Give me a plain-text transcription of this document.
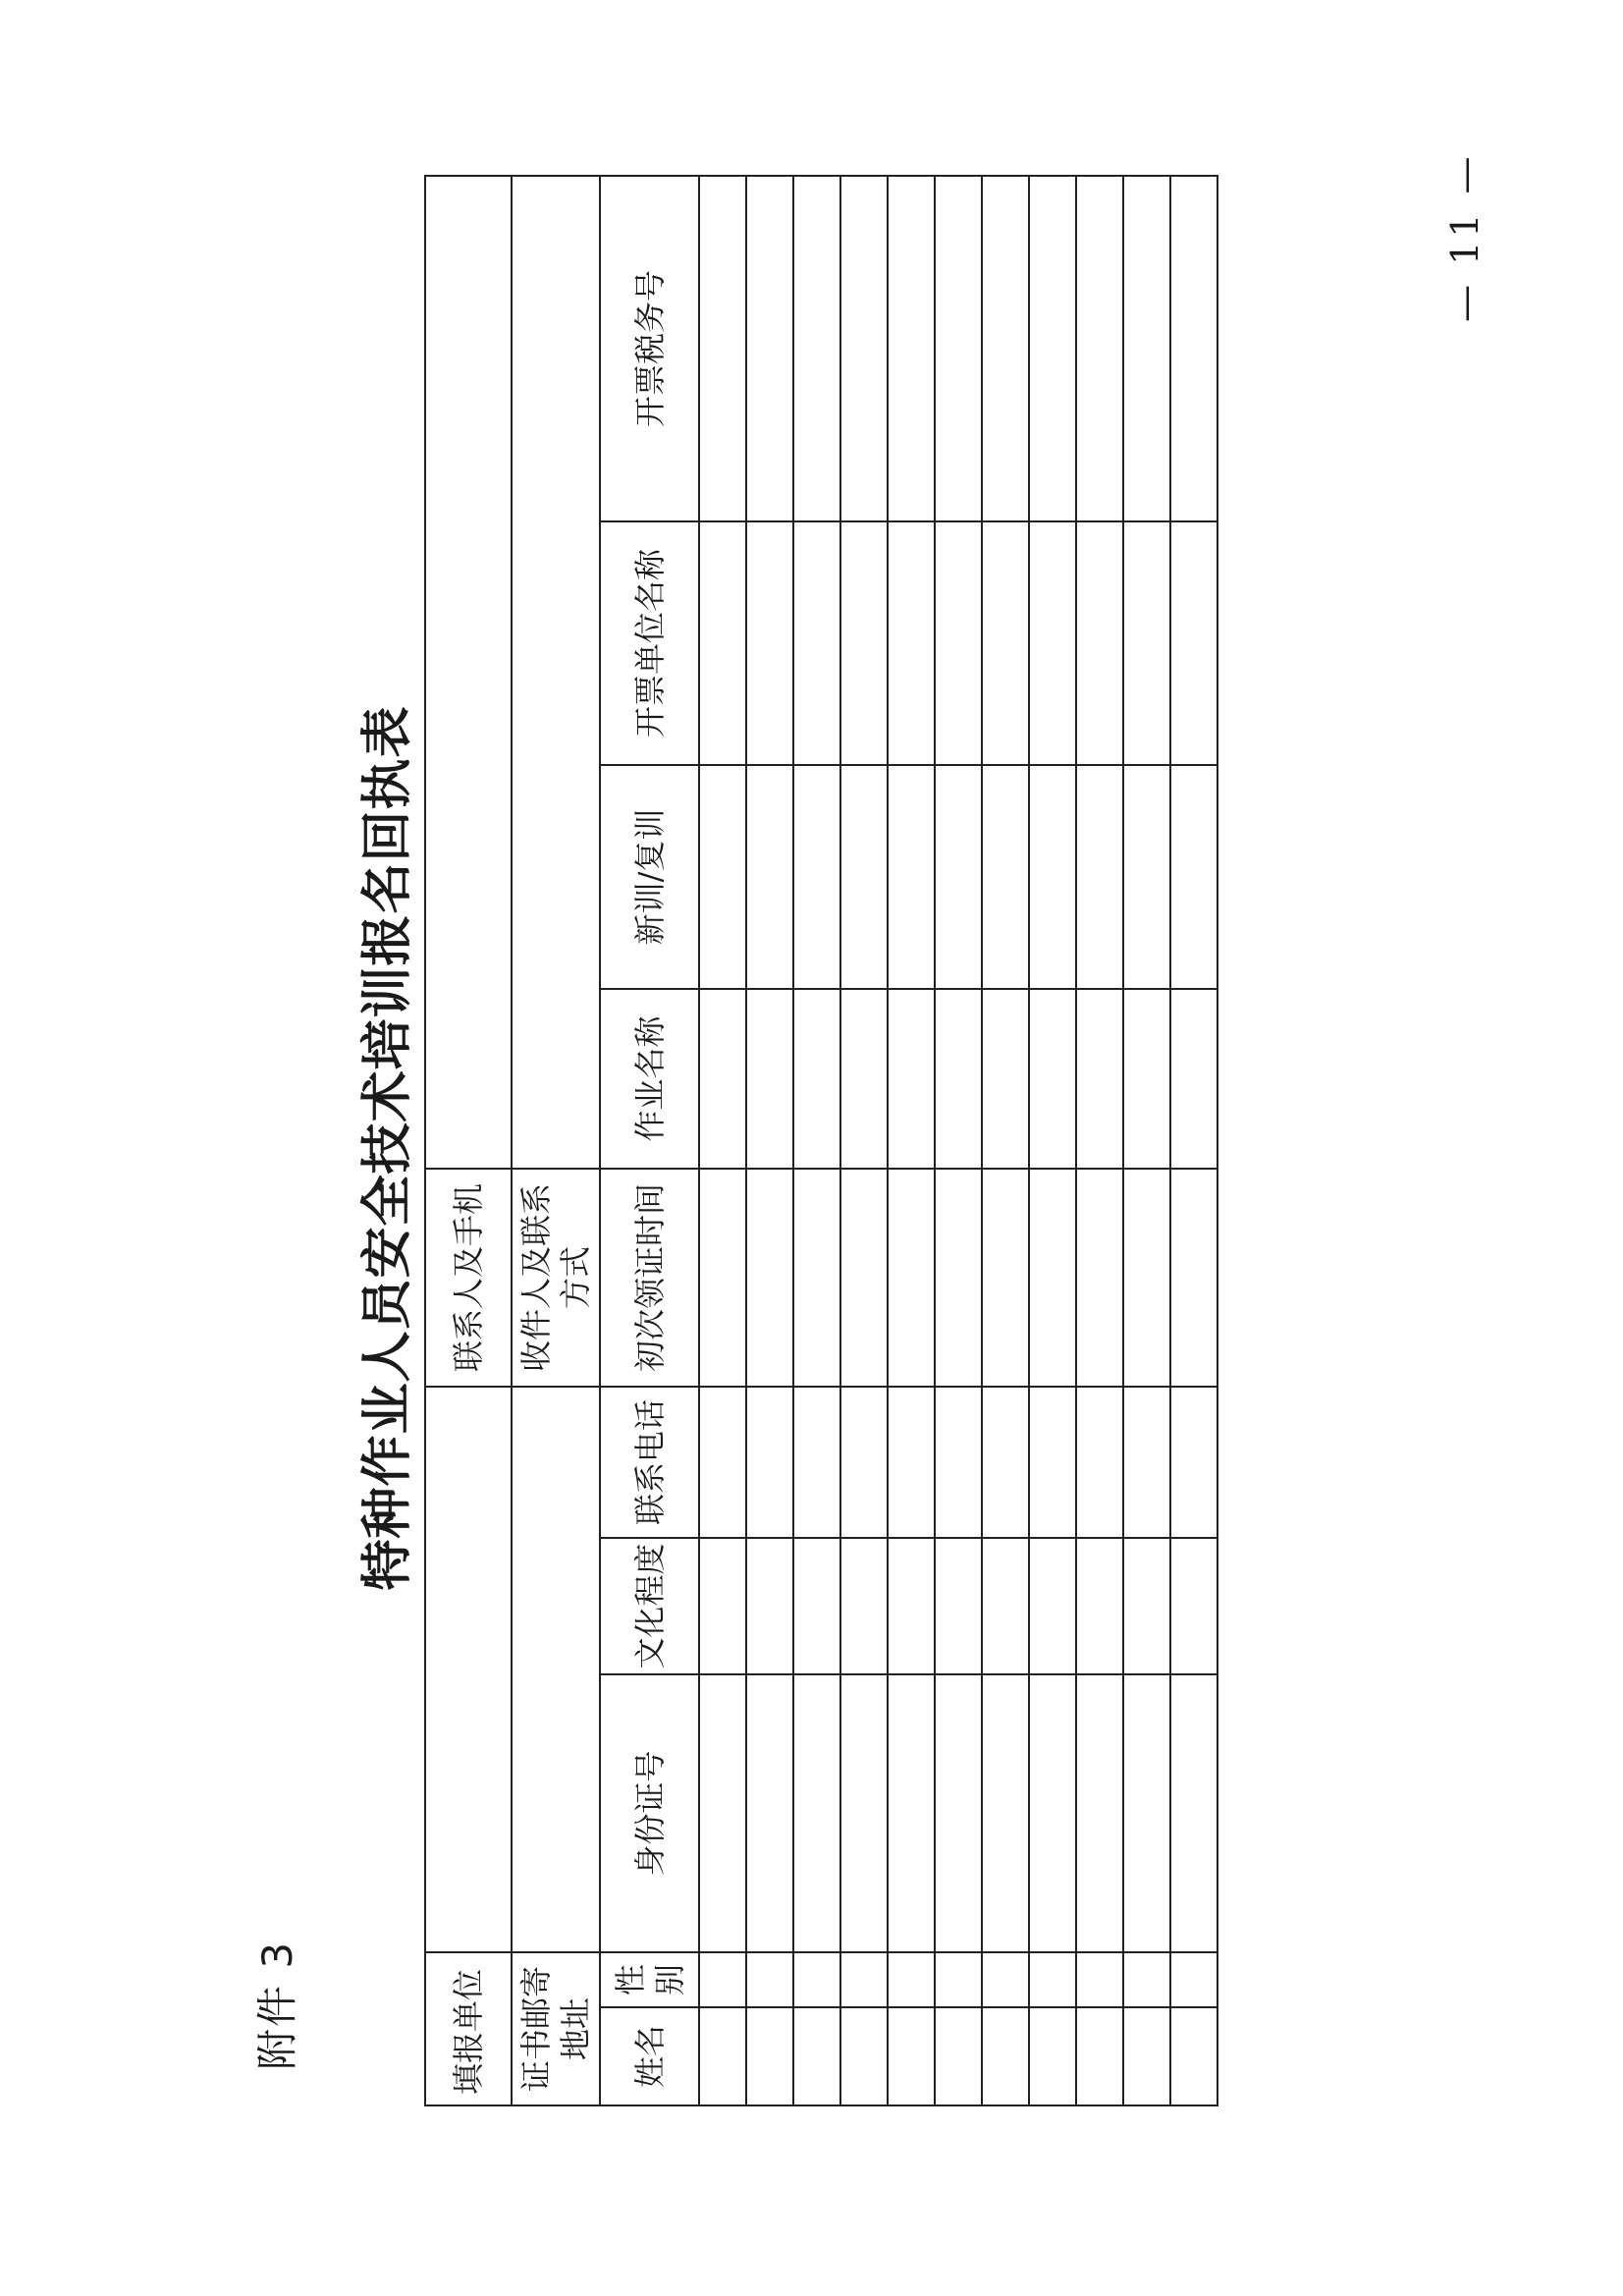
附件 3
特种作业人员安全技术培训报名回执表
填报单位					联系人及手机				
证书邮寄地址					收件人及联系方式				
姓名	性别	身份证号	文化程度	联系电话	初次领证时间	作业名称	新训/复训	开票单位名称	开票税务号

— 11 —
